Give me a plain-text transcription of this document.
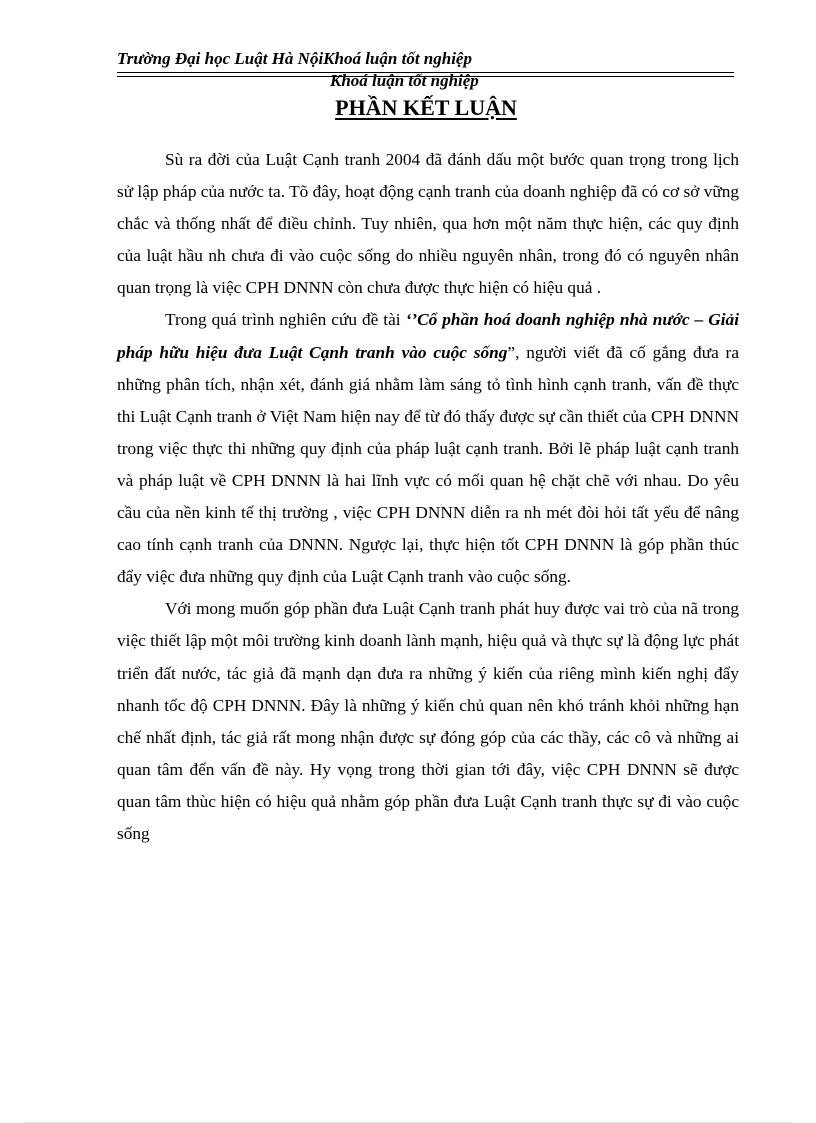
Trường Đại học Luật Hà NộiKhoá luận tốt nghiệp
Khoá luận tốt nghiệp
PHẦN KẾT LUẬN

Sù ra đời của Luật Cạnh tranh 2004 đã đánh dấu một bước quan trọng trong lịch sử lập pháp của nước ta. Tõ đây, hoạt động cạnh tranh của doanh nghiệp đã có cơ sở vững chắc và thống nhất để điều chỉnh. Tuy nhiên, qua hơn một năm thực hiện, các quy định của luật hầu nh chưa đi vào cuộc sống do nhiều nguyên nhân, trong đó có nguyên nhân quan trọng là việc CPH DNNN còn chưa được thực hiện có hiệu quả .

Trong quá trình nghiên cứu đề tài ‘’Cổ phần hoá doanh nghiệp nhà nước – Giải pháp hữu hiệu đưa Luật Cạnh tranh vào cuộc sống”, người viết đã cố gắng đưa ra những phân tích, nhận xét, đánh giá nhằm làm sáng tỏ tình hình cạnh tranh, vấn đề thực thi Luật Cạnh tranh ở Việt Nam hiện nay để từ đó thấy được sự cần thiết của CPH DNNN trong việc thực thi những quy định của pháp luật cạnh tranh. Bởi lẽ pháp luật cạnh tranh và pháp luật về CPH DNNN là hai lĩnh vực có mối quan hệ chặt chẽ với nhau. Do yêu cầu của nền kinh tế thị trường , việc CPH DNNN diễn ra nh mét đòi hỏi tất yếu để nâng cao tính cạnh tranh của DNNN. Ngược lại, thực hiện tốt CPH DNNN là góp phần thúc đẩy việc đưa những quy định của Luật Cạnh tranh vào cuộc sống.

Với mong muốn góp phần đưa Luật Cạnh tranh phát huy được vai trò của nã trong việc thiết lập một môi trường kinh doanh lành mạnh, hiệu quả và thực sự là động lực phát triển đất nước, tác giả đã mạnh dạn đưa ra những ý kiến của riêng mình kiến nghị đẩy nhanh tốc độ CPH DNNN. Đây là những ý kiến chủ quan nên khó tránh khỏi những hạn chế nhất định, tác giả rất mong nhận được sự đóng góp của các thầy, các cô và những ai quan tâm đến vấn đề này. Hy vọng trong thời gian tới đây, việc CPH DNNN sẽ được quan tâm thùc hiện có hiệu quả nhằm góp phần đưa Luật Cạnh tranh thực sự đi vào cuộc sống
